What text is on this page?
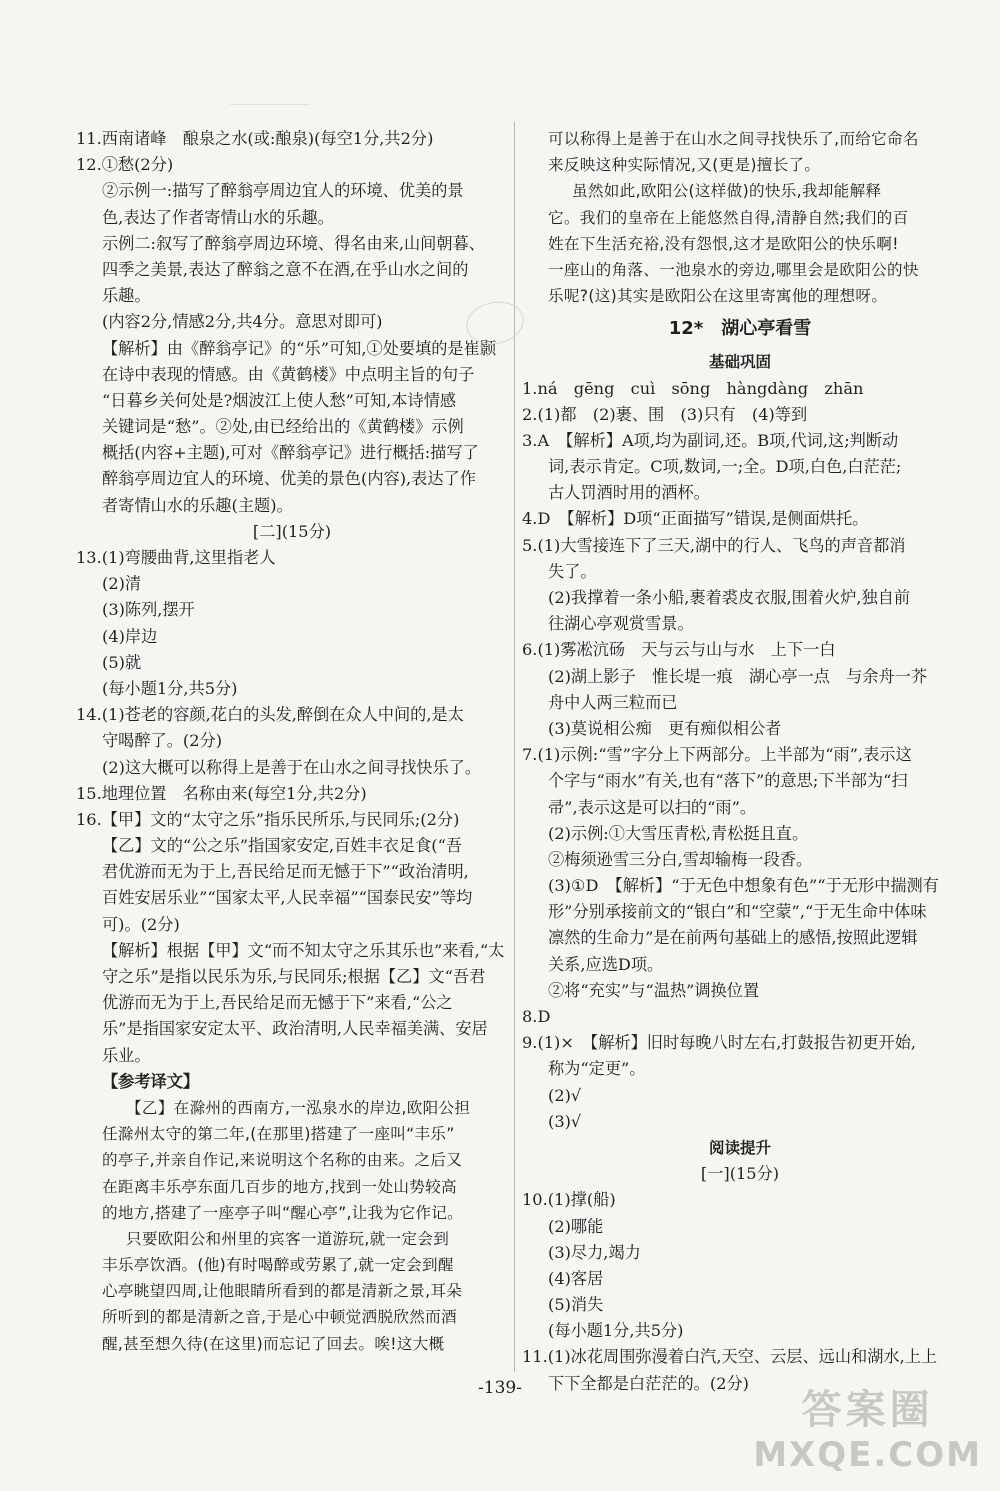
11.西南诸峰　酿泉之水(或:酿泉)(每空1分,共2分)
12.①愁(2分)
②示例一:描写了醉翁亭周边宜人的环境、优美的景
色,表达了作者寄情山水的乐趣。
示例二:叙写了醉翁亭周边环境、得名由来,山间朝暮、
四季之美景,表达了醉翁之意不在酒,在乎山水之间的
乐趣。
(内容2分,情感2分,共4分。意思对即可)
【解析】由《醉翁亭记》的“乐”可知,①处要填的是崔颢
在诗中表现的情感。由《黄鹤楼》中点明主旨的句子
“日暮乡关何处是?烟波江上使人愁”可知,本诗情感
关键词是“愁”。②处,由已经给出的《黄鹤楼》示例
概括(内容+主题),可对《醉翁亭记》进行概括:描写了
醉翁亭周边宜人的环境、优美的景色(内容),表达了作
者寄情山水的乐趣(主题)。
[二](15分)
13.(1)弯腰曲背,这里指老人
(2)清
(3)陈列,摆开
(4)岸边
(5)就
(每小题1分,共5分)
14.(1)苍老的容颜,花白的头发,醉倒在众人中间的,是太
守喝醉了。(2分)
(2)这大概可以称得上是善于在山水之间寻找快乐了。
15.地理位置　名称由来(每空1分,共2分)
16.【甲】文的“太守之乐”指乐民所乐,与民同乐;(2分)
【乙】文的“公之乐”指国家安定,百姓丰衣足食(“吾
君优游而无为于上,吾民给足而无憾于下”“政治清明,
百姓安居乐业”“国家太平,人民幸福”“国泰民安”等均
可)。(2分)
【解析】根据【甲】文“而不知太守之乐其乐也”来看,“太
守之乐”是指以民乐为乐,与民同乐;根据【乙】文“吾君
优游而无为于上,吾民给足而无憾于下”来看,“公之
乐”是指国家安定太平、政治清明,人民幸福美满、安居
乐业。
【参考译文】
【乙】在滁州的西南方,一泓泉水的岸边,欧阳公担
任滁州太守的第二年,(在那里)搭建了一座叫“丰乐”
的亭子,并亲自作记,来说明这个名称的由来。之后又
在距离丰乐亭东面几百步的地方,找到一处山势较高
的地方,搭建了一座亭子叫“醒心亭”,让我为它作记。
只要欧阳公和州里的宾客一道游玩,就一定会到
丰乐亭饮酒。(他)有时喝醉或劳累了,就一定会到醒
心亭眺望四周,让他眼睛所看到的都是清新之景,耳朵
所听到的都是清新之音,于是心中顿觉洒脱欣然而酒
醒,甚至想久待(在这里)而忘记了回去。唉!这大概
可以称得上是善于在山水之间寻找快乐了,而给它命名
来反映这种实际情况,又(更是)擅长了。
虽然如此,欧阳公(这样做)的快乐,我却能解释
它。我们的皇帝在上能悠然自得,清静自然;我们的百
姓在下生活充裕,没有怨恨,这才是欧阳公的快乐啊!
一座山的角落、一池泉水的旁边,哪里会是欧阳公的快
乐呢?(这)其实是欧阳公在这里寄寓他的理想呀。
12*　湖心亭看雪
基础巩固
1.ná　gēng　cuì　sōng　hàngdàng　zhān
2.(1)都　(2)裹、围　(3)只有　(4)等到
3.A　【解析】A项,均为副词,还。B项,代词,这;判断动
词,表示肯定。C项,数词,一;全。D项,白色,白茫茫;
古人罚酒时用的酒杯。
4.D　【解析】D项“正面描写”错误,是侧面烘托。
5.(1)大雪接连下了三天,湖中的行人、飞鸟的声音都消
失了。
(2)我撑着一条小船,裹着裘皮衣服,围着火炉,独自前
往湖心亭观赏雪景。
6.(1)雾凇沆砀　天与云与山与水　上下一白
(2)湖上影子　惟长堤一痕　湖心亭一点　与余舟一芥
舟中人两三粒而已
(3)莫说相公痴　更有痴似相公者
7.(1)示例:“雪”字分上下两部分。上半部为“雨”,表示这
个字与“雨水”有关,也有“落下”的意思;下半部为“扫
帚”,表示这是可以扫的“雨”。
(2)示例:①大雪压青松,青松挺且直。
②梅须逊雪三分白,雪却输梅一段香。
(3)①D　【解析】“于无色中想象有色”“于无形中揣测有
形”分别承接前文的“银白”和“空蒙”,“于无生命中体味
凛然的生命力”是在前两句基础上的感悟,按照此逻辑
关系,应选D项。
②将“充实”与“温热”调换位置
8.D
9.(1)×　【解析】旧时每晚八时左右,打鼓报告初更开始,
称为“定更”。
(2)√
(3)√
阅读提升
[一](15分)
10.(1)撑(船)
(2)哪能
(3)尽力,竭力
(4)客居
(5)消失
(每小题1分,共5分)
11.(1)冰花周围弥漫着白汽,天空、云层、远山和湖水,上上
下下全都是白茫茫的。(2分)

-139-	答案圈
MXQE.COM
